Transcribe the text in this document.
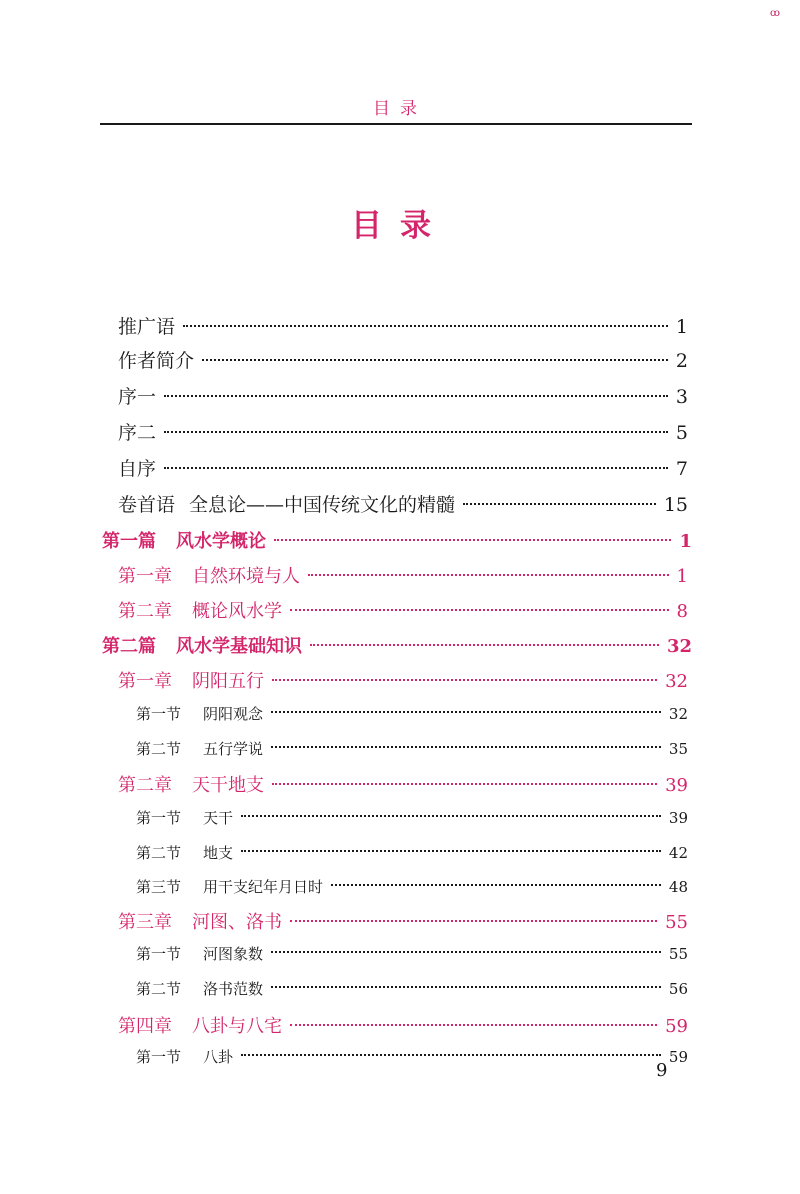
ꝏ
目录
目录
推广语	1
作者简介	2
序一	3
序二	5
自序	7
卷首语 全息论——中国传统文化的精髓	15
第一篇 风水学概论	1
第一章 自然环境与人	1
第二章 概论风水学	8
第二篇 风水学基础知识	32
第一章 阴阳五行	32
第一节 阴阳观念	32
第二节 五行学说	35
第二章 天干地支	39
第一节 天干	39
第二节 地支	42
第三节 用干支纪年月日时	48
第三章 河图、洛书	55
第一节 河图象数	55
第二节 洛书范数	56
第四章 八卦与八宅	59
第一节 八卦	59
9
